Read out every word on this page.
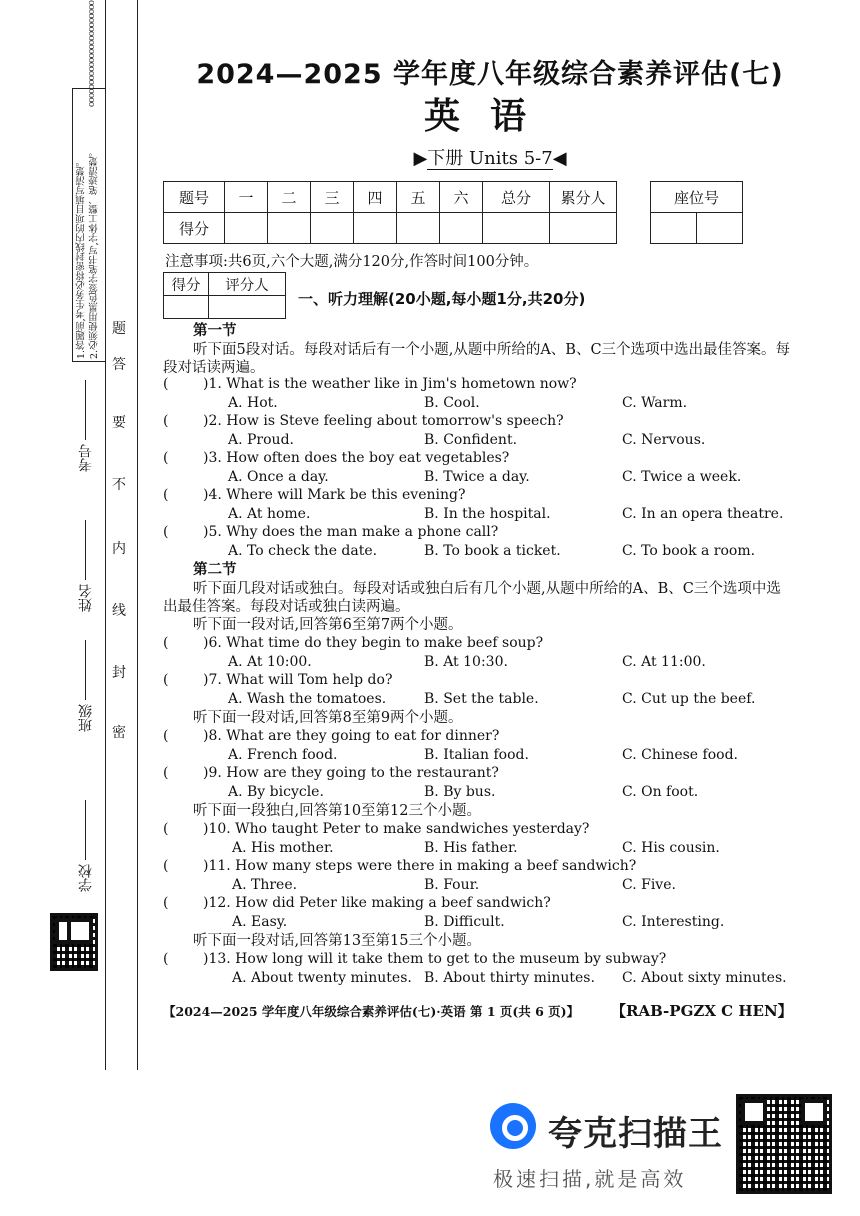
1.答题前,考生务必将密封线内的项目填写清楚。 2.必须使用黑色签字笔书写,字体工整、笔迹清楚。
oooooooooooooooooooooooo
题
答
要
不
内
线
封
密
学校
班级
姓名
考号
2024—2025 学年度八年级综合素养评估(七)
英语
▶下册 Units 5-7◀
题号	一	二	三	四	五	六	总分	累分人
得分								
座位号

注意事项:共6页,六个大题,满分120分,作答时间100分钟。
得分	评分人

一、听力理解(20小题,每小题1分,共20分)
第一节
听下面5段对话。每段对话后有一个小题,从题中所给的A、B、C三个选项中选出最佳答案。每段对话读两遍。
( )1. What is the weather like in Jim's hometown now?
A. Hot.	B. Cool.	C. Warm.
( )2. How is Steve feeling about tomorrow's speech?
A. Proud.	B. Confident.	C. Nervous.
( )3. How often does the boy eat vegetables?
A. Once a day.	B. Twice a day.	C. Twice a week.
( )4. Where will Mark be this evening?
A. At home.	B. In the hospital.	C. In an opera theatre.
( )5. Why does the man make a phone call?
A. To check the date.	B. To book a ticket.	C. To book a room.
( )6. What time do they begin to make beef soup?
A. At 10:00.	B. At 10:30.	C. At 11:00.
( )7. What will Tom help do?
A. Wash the tomatoes.	B. Set the table.	C. Cut up the beef.
( )8. What are they going to eat for dinner?
A. French food.	B. Italian food.	C. Chinese food.
( )9. How are they going to the restaurant?
A. By bicycle.	B. By bus.	C. On foot.
( )10. Who taught Peter to make sandwiches yesterday?
A. His mother.	B. His father.	C. His cousin.
( )11. How many steps were there in making a beef sandwich?
A. Three.	B. Four.	C. Five.
( )12. How did Peter like making a beef sandwich?
A. Easy.	B. Difficult.	C. Interesting.
( )13. How long will it take them to get to the museum by subway?
A. About twenty minutes. B. About thirty minutes. C. About sixty minutes.
第二节
听下面几段对话或独白。每段对话或独白后有几个小题,从题中所给的A、B、C三个选项中选出最佳答案。每段对话或独白读两遍。
听下面一段对话,回答第6至第7两个小题。
听下面一段对话,回答第8至第9两个小题。
听下面一段独白,回答第10至第12三个小题。
听下面一段对话,回答第13至第15三个小题。
【2024—2025 学年度八年级综合素养评估(七)·英语 第 1 页(共 6 页)】 【RAB-PGZX C HEN】
夸克扫描王
极速扫描,就是高效
